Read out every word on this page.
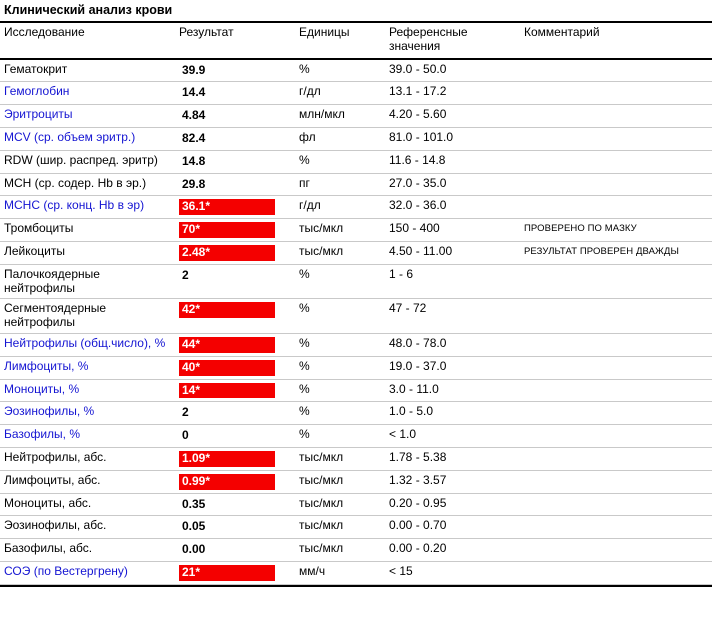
Клинический анализ крови
Исследование	Результат	Единицы	Референсные значения	Комментарий
Гематокрит	39.9	%	39.0 - 50.0	
Гемоглобин	14.4	г/дл	13.1 - 17.2	
Эритроциты	4.84	млн/мкл	4.20 - 5.60	
MCV (ср. объем эритр.)	82.4	фл	81.0 - 101.0	
RDW (шир. распред. эритр)	14.8	%	11.6 - 14.8	
MCH (ср. содер. Hb в эр.)	29.8	пг	27.0 - 35.0	
MCHC (ср. конц. Hb в эр)	36.1*	г/дл	32.0 - 36.0	
Тромбоциты	70*	тыс/мкл	150 - 400	ПРОВЕРЕНО ПО МАЗКУ
Лейкоциты	2.48*	тыс/мкл	4.50 - 11.00	РЕЗУЛЬТАТ ПРОВЕРЕН ДВАЖДЫ
Палочкоядерные нейтрофилы	2	%	1 - 6	
Сегментоядерные нейтрофилы	42*	%	47 - 72	
Нейтрофилы (общ.число), %	44*	%	48.0 - 78.0	
Лимфоциты, %	40*	%	19.0 - 37.0	
Моноциты, %	14*	%	3.0 - 11.0	
Эозинофилы, %	2	%	1.0 - 5.0	
Базофилы, %	0	%	< 1.0	
Нейтрофилы, абс.	1.09*	тыс/мкл	1.78 - 5.38	
Лимфоциты, абс.	0.99*	тыс/мкл	1.32 - 3.57	
Моноциты, абс.	0.35	тыс/мкл	0.20 - 0.95	
Эозинофилы, абс.	0.05	тыс/мкл	0.00 - 0.70	
Базофилы, абс.	0.00	тыс/мкл	0.00 - 0.20	
СОЭ (по Вестергрену)	21*	мм/ч	< 15	
